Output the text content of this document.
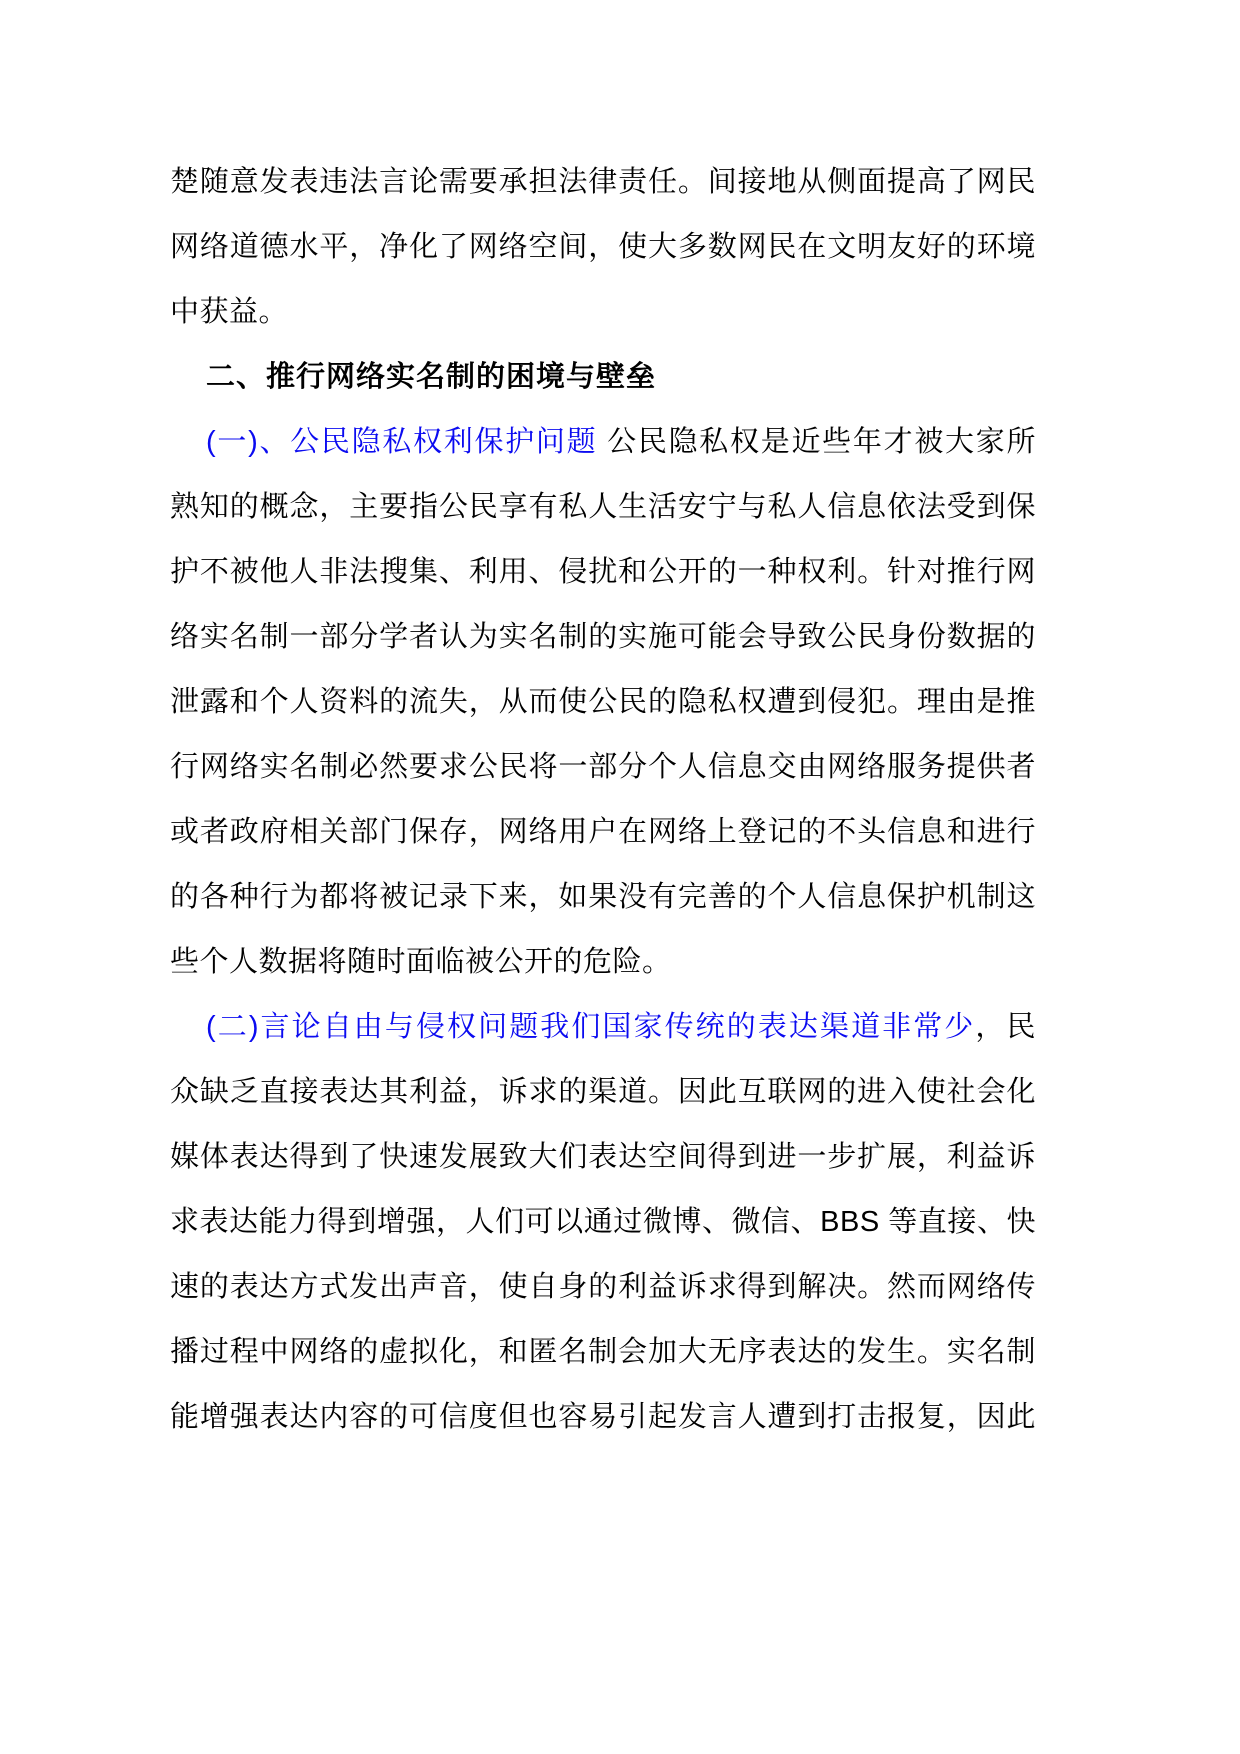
楚随意发表违法言论需要承担法律责任。间接地从侧面提高了网民
网络道德水平，净化了网络空间，使大多数网民在文明友好的环境
中获益。
二、推行网络实名制的困境与壁垒
(一)、公民隐私权利保护问题 公民隐私权是近些年才被大家所
熟知的概念，主要指公民享有私人生活安宁与私人信息依法受到保
护不被他人非法搜集、利用、侵扰和公开的一种权利。针对推行网
络实名制一部分学者认为实名制的实施可能会导致公民身份数据的
泄露和个人资料的流失，从而使公民的隐私权遭到侵犯。理由是推
行网络实名制必然要求公民将一部分个人信息交由网络服务提供者
或者政府相关部门保存，网络用户在网络上登记的不头信息和进行
的各种行为都将被记录下来，如果没有完善的个人信息保护机制这
些个人数据将随时面临被公开的危险。
(二)言论自由与侵权问题我们国家传统的表达渠道非常少，民
众缺乏直接表达其利益，诉求的渠道。因此互联网的进入使社会化
媒体表达得到了快速发展致大们表达空间得到进一步扩展，利益诉
求表达能力得到增强，人们可以通过微博、微信、BBS 等直接、快
速的表达方式发出声音，使自身的利益诉求得到解决。然而网络传
播过程中网络的虚拟化，和匿名制会加大无序表达的发生。实名制
能增强表达内容的可信度但也容易引起发言人遭到打击报复，因此
